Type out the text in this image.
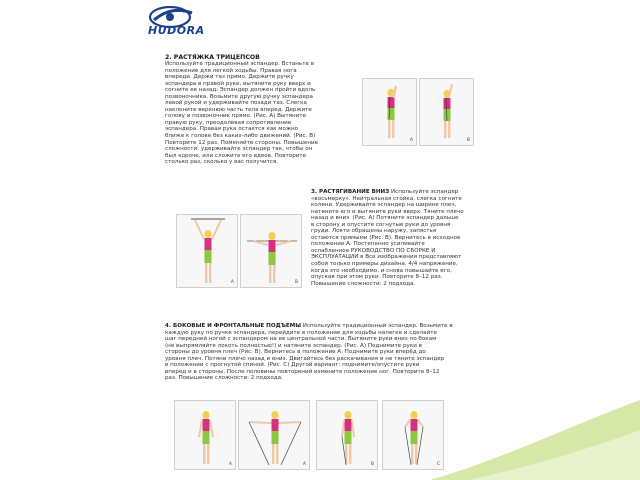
HUDORA
2. РАСТЯЖКА ТРИЦЕПСОВ
Используйте традиционный эспандер. Встаньте в
положение для легкой ходьбы. Правая нога
впереди. Держи таз прямо. Держите ручку
эспандера в правой руке, вытяните руку вверх и
согните ее назад. Эспандер должен пройти вдоль
позвоночника. Возьмите другую ручку эспандера
левой рукой и удерживайте позади таз. Слегка
наклоните верхнюю часть тела вперед. Держите
голову и позвоночник прямо. (Рис. А) Вытяните
правую руку, преодолевая сопротивление
эспандера. Правая рука остается как можно
ближе к голове без каких-либо движений. (Рис. В)
Повторите 12 раз. Поменяйте стороны. Повышение
сложности: удерживайте эспандер так, чтобы он
был короче, или сложите его вдвое. Повторите
столько раз, сколько у вас получится.
3. РАСТЯГИВАНИЕ ВНИЗ Используйте эспандер
«восьмерку». Нейтральная стойка, слегка согните
колени. Удерживайте эспандер на ширине плеч,
натяните его и вытяните руки вверх. Тяните плечо
назад и вниз. (Рис. А) Потяните эспандер дальше
в сторону и опустите согнутые руки до уровня
груди. Локти обращены наружу, запястья
остаются прямыми (Рис. В). Вернитесь в исходное
положение А. Постепенно усиливайте
ослабленное РУКОВОДСТВО ПО СБОРКЕ И
ЭКСПЛУАТАЦИИ в Все изображения представляют
собой только примеры дизайна. 4/4 напряжение,
когда это необходимо, и снова повышайте его,
опуская при этом руки. Повторите 8–12 раз.
Повышение сложности: 2 подхода.
4. БОКОВЫЕ И ФРОНТАЛЬНЫЕ ПОДЪЕМЫ Используйте традиционный эспандер. Возьмите в
каждую руку по ручке эспандера, перейдите в положение для ходьбы налегке и сделайте
шаг передней ногой с эспандером на ее центральной части. Вытяните руки вниз по бокам
(не выпрямляйте локоть полностью!) и натяните эспандер. (Рис. А) Поднимите руки в
стороны до уровня плеч (Рис. В). Вернитесь в положение А. Поднимите руки вперёд до
уровня плеч. Потяни плечо назад и вниз. Двигайтесь без раскачивания и не тяните эспандер
в положении с прогнутой спиной. (Рис. С) Другой вариант: поднимите/опустите руки
вперед и в стороны. После половины повторений измените положение ног. Повторите 8–12
раз. Повышение сложности: 2 подхода.
A	B
A	B
A	A	B	C
